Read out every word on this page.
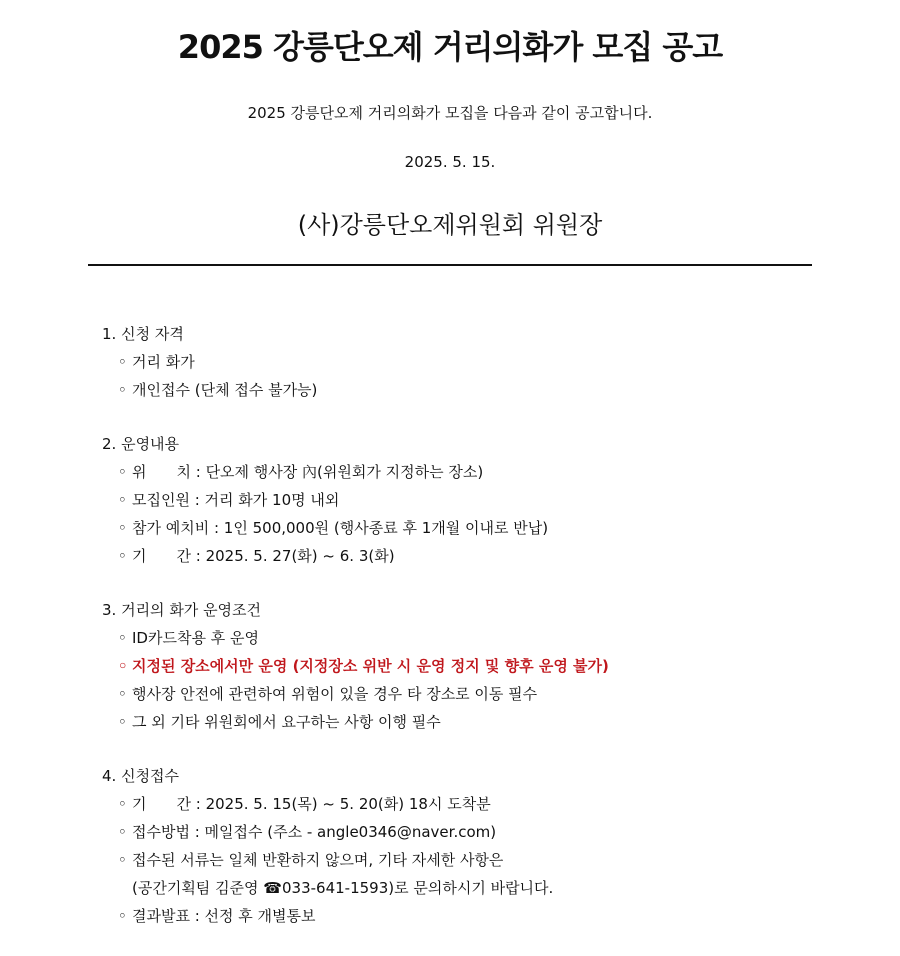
2025 강릉단오제 거리의화가 모집 공고
2025 강릉단오제 거리의화가 모집을 다음과 같이 공고합니다.
2025. 5. 15.
(사)강릉단오제위원회 위원장
1. 신청 자격
◦ 거리 화가
◦ 개인접수 (단체 접수 불가능)
2. 운영내용
◦ 위　　치 : 단오제 행사장 內(위원회가 지정하는 장소)
◦ 모집인원 : 거리 화가 10명 내외
◦ 참가 예치비 : 1인 500,000원 (행사종료 후 1개월 이내로 반납)
◦ 기　　간 : 2025. 5. 27(화) ~ 6. 3(화)
3. 거리의 화가 운영조건
◦ ID카드착용 후 운영
◦ 지정된 장소에서만 운영 (지정장소 위반 시 운영 정지 및 향후 운영 불가)
◦ 행사장 안전에 관련하여 위험이 있을 경우 타 장소로 이동 필수
◦ 그 외 기타 위원회에서 요구하는 사항 이행 필수
4. 신청접수
◦ 기　　간 : 2025. 5. 15(목) ~ 5. 20(화) 18시 도착분
◦ 접수방법 : 메일접수 (주소 - angle0346@naver.com)
◦ 접수된 서류는 일체 반환하지 않으며, 기타 자세한 사항은
(공간기획팀 김준영 ☎033-641-1593)로 문의하시기 바랍니다.
◦ 결과발표 : 선정 후 개별통보
